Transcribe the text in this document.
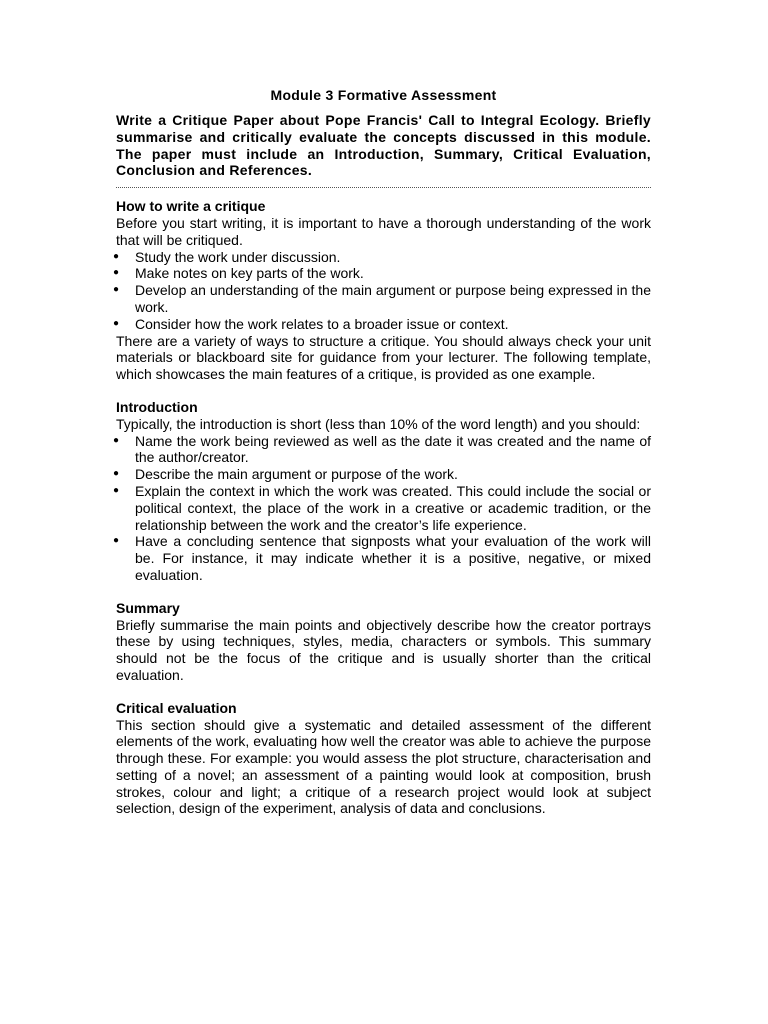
Module 3 Formative Assessment

Write a Critique Paper about Pope Francis' Call to Integral Ecology. Briefly summarise and critically evaluate the concepts discussed in this module. The paper must include an Introduction, Summary, Critical Evaluation, Conclusion and References.

How to write a critique

Before you start writing, it is important to have a thorough understanding of the work that will be critiqued.

● Study the work under discussion.
● Make notes on key parts of the work.
● Develop an understanding of the main argument or purpose being expressed in the work.
● Consider how the work relates to a broader issue or context.

There are a variety of ways to structure a critique. You should always check your unit materials or blackboard site for guidance from your lecturer. The following template, which showcases the main features of a critique, is provided as one example.

Introduction

Typically, the introduction is short (less than 10% of the word length) and you should:

● Name the work being reviewed as well as the date it was created and the name of the author/creator.
● Describe the main argument or purpose of the work.
● Explain the context in which the work was created. This could include the social or political context, the place of the work in a creative or academic tradition, or the relationship between the work and the creator’s life experience.
● Have a concluding sentence that signposts what your evaluation of the work will be. For instance, it may indicate whether it is a positive, negative, or mixed evaluation.
Summary

Briefly summarise the main points and objectively describe how the creator portrays these by using techniques, styles, media, characters or symbols. This summary should not be the focus of the critique and is usually shorter than the critical evaluation.

Critical evaluation

This section should give a systematic and detailed assessment of the different elements of the work, evaluating how well the creator was able to achieve the purpose through these. For example: you would assess the plot structure, characterisation and setting of a novel; an assessment of a painting would look at composition, brush strokes, colour and light; a critique of a research project would look at subject selection, design of the experiment, analysis of data and conclusions.
